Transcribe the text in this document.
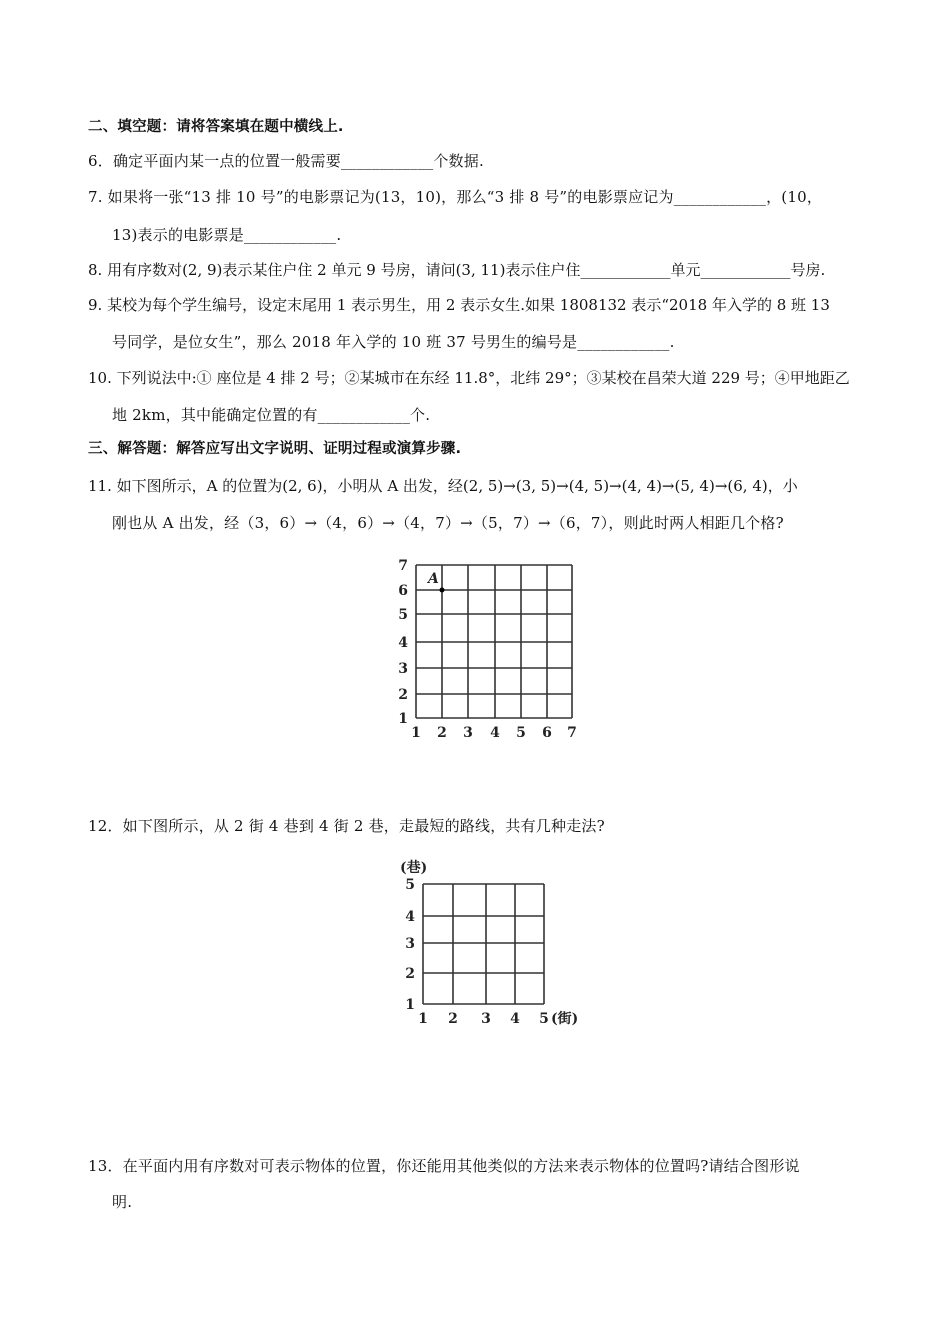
二、填空题：请将答案填在题中横线上.
6．确定平面内某一点的位置一般需要____________个数据.
7. 如果将一张“13 排 10 号”的电影票记为(13，10)，那么“3 排 8 号”的电影票应记为____________，(10，
13)表示的电影票是____________.
8. 用有序数对(2, 9)表示某住户住 2 单元 9 号房，请问(3, 11)表示住户住____________单元____________号房.
9. 某校为每个学生编号，设定末尾用 1 表示男生，用 2 表示女生.如果 1808132 表示“2018 年入学的 8 班 13
号同学，是位女生”，那么 2018 年入学的 10 班 37 号男生的编号是____________.
10. 下列说法中:① 座位是 4 排 2 号；②某城市在东经 11.8°，北纬 29°；③某校在昌荣大道 229 号；④甲地距乙
地 2km，其中能确定位置的有____________个.
三、解答题：解答应写出文字说明、证明过程或演算步骤.
11. 如下图所示，A 的位置为(2, 6)，小明从 A 出发，经(2, 5)→(3, 5)→(4, 5)→(4, 4)→(5, 4)→(6, 4)，小
刚也从 A 出发，经（3，6）→（4，6）→（4，7）→（5，7）→（6，7），则此时两人相距几个格?
1 2 3 4 5 6 7
1
2
3
4
5
6
7
A
12．如下图所示，从 2 街 4 巷到 4 街 2 巷，走最短的路线，共有几种走法?
1 2 3 4 5
1
2
3
4
5
(巷)
(街)
13．在平面内用有序数对可表示物体的位置，你还能用其他类似的方法来表示物体的位置吗?请结合图形说
明.
